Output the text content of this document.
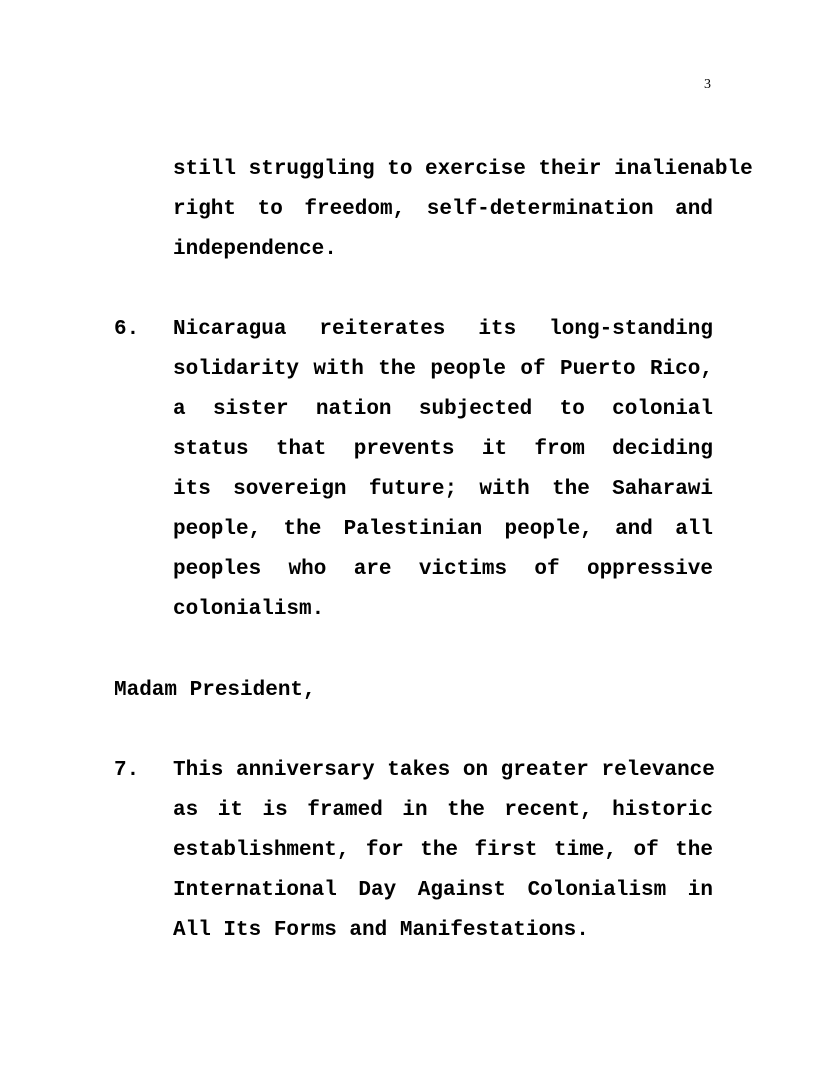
3
still struggling to exercise their inalienable
right to freedom, self-determination and
independence.
6. Nicaragua reiterates its long-standing
solidarity with the people of Puerto Rico,
a sister nation subjected to colonial
status that prevents it from deciding
its sovereign future; with the Saharawi
people, the Palestinian people, and all
peoples who are victims of oppressive
colonialism.
Madam President,
7. This anniversary takes on greater relevance
as it is framed in the recent, historic
establishment, for the first time, of the
International Day Against Colonialism in
All Its Forms and Manifestations.
